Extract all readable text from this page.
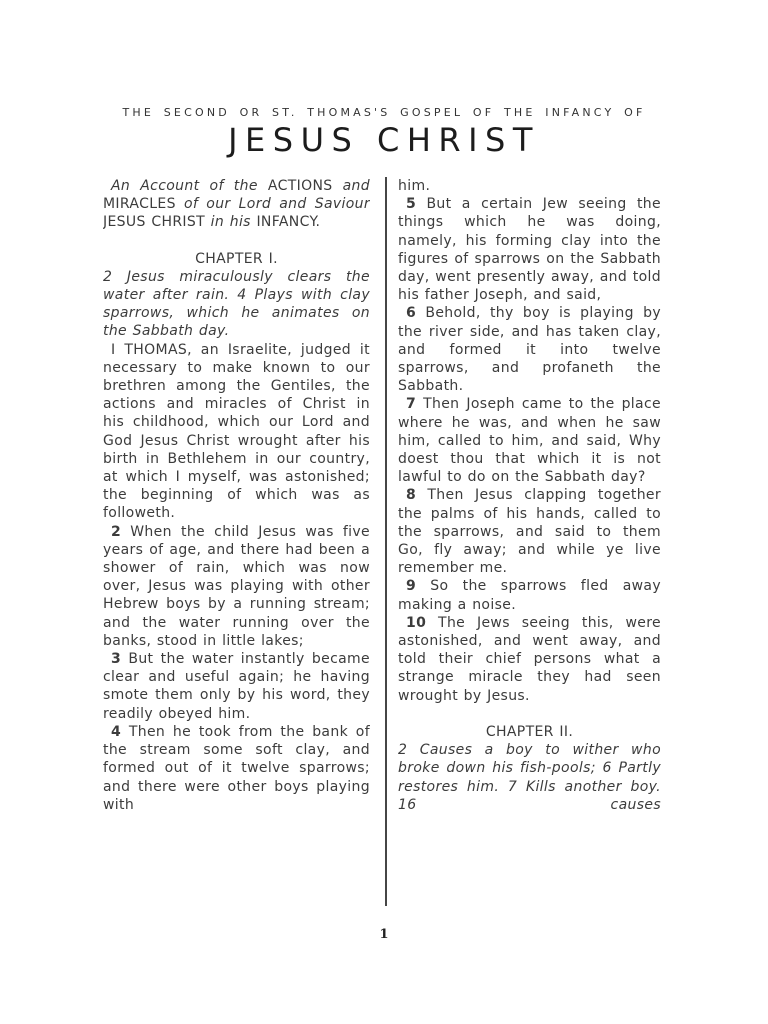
THE SECOND OR ST. THOMAS'S GOSPEL OF THE INFANCY OF
JESUS CHRIST

An Account of the ACTIONS and MIRACLES of our Lord and Saviour JESUS CHRIST in his INFANCY.

CHAPTER I.

2 Jesus miraculously clears the water after rain. 4 Plays with clay sparrows, which he animates on the Sabbath day.

I THOMAS, an Israelite, judged it necessary to make known to our brethren among the Gentiles, the actions and miracles of Christ in his childhood, which our Lord and God Jesus Christ wrought after his birth in Bethlehem in our country, at which I myself, was astonished; the beginning of which was as followeth.

2 When the child Jesus was five years of age, and there had been a shower of rain, which was now over, Jesus was playing with other Hebrew boys by a running stream; and the water running over the banks, stood in little lakes;

3 But the water instantly became clear and useful again; he having smote them only by his word, they readily obeyed him.

4 Then he took from the bank of the stream some soft clay, and formed out of it twelve sparrows; and there were other boys playing with

him.

5 But a certain Jew seeing the things which he was doing, namely, his forming clay into the figures of sparrows on the Sabbath day, went presently away, and told his father Joseph, and said,

6 Behold, thy boy is playing by the river side, and has taken clay, and formed it into twelve sparrows, and profaneth the Sabbath.

7 Then Joseph came to the place where he was, and when he saw him, called to him, and said, Why doest thou that which it is not lawful to do on the Sabbath day?

8 Then Jesus clapping together the palms of his hands, called to the sparrows, and said to them Go, fly away; and while ye live remember me.

9 So the sparrows fled away making a noise.

10 The Jews seeing this, were astonished, and went away, and told their chief persons what a strange miracle they had seen wrought by Jesus.

CHAPTER II.

2 Causes a boy to wither who broke down his fish-pools; 6 Partly restores him. 7 Kills another boy. 16 causes

1
